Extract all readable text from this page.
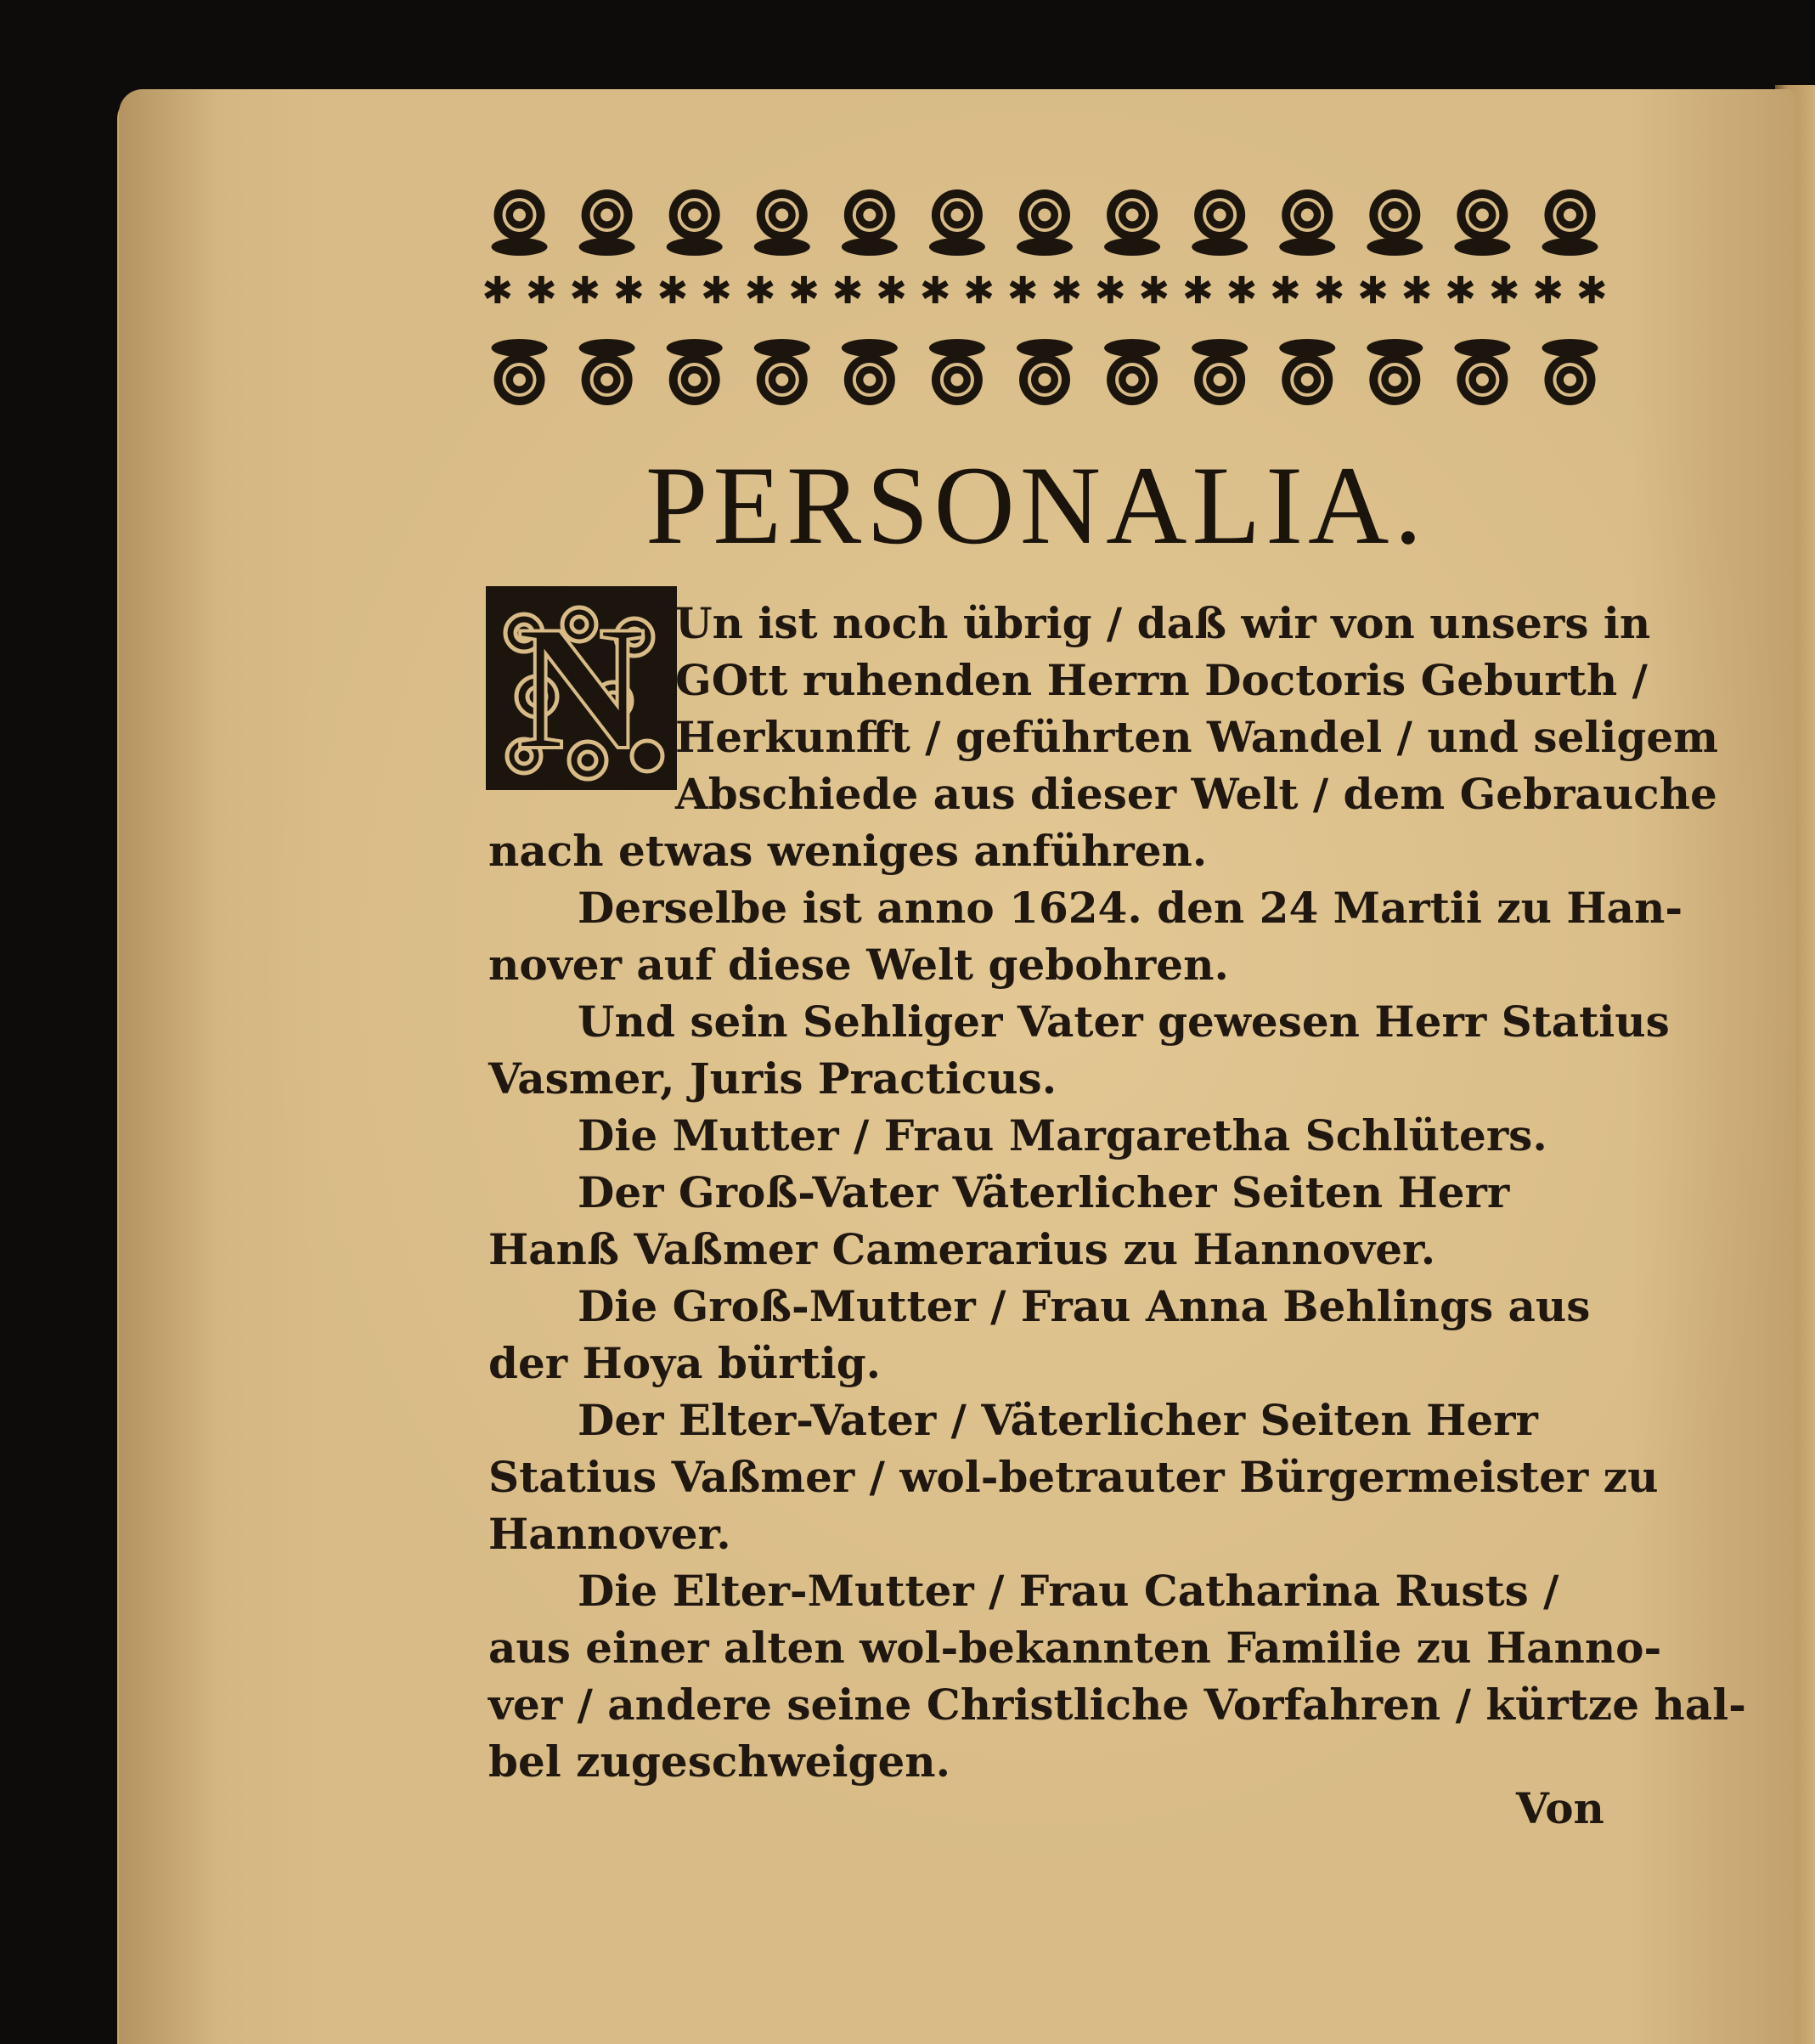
✱ ✱ ✱ ✱ ✱ ✱ ✱ ✱ ✱ ✱ ✱ ✱ ✱ ✱ ✱ ✱ ✱ ✱ ✱ ✱ ✱ ✱ ✱ ✱ ✱ ✱
PERSONALIA.
N Un ist noch übrig / daß wir von unsers in
GOtt ruhenden Herrn Doctoris Geburth /
Herkunfft / geführten Wandel / und seligem
Abschiede aus dieser Welt / dem Gebrauche
nach etwas weniges anführen.
Derselbe ist anno 1624. den 24 Martii zu Han-
nover auf diese Welt gebohren.
Und sein Sehliger Vater gewesen Herr Statius
Vasmer, Juris Practicus.
Die Mutter / Frau Margaretha Schlüters.
Der Groß-Vater Väterlicher Seiten Herr
Hanß Vaßmer Camerarius zu Hannover.
Die Groß-Mutter / Frau Anna Behlings aus
der Hoya bürtig.
Der Elter-Vater / Väterlicher Seiten Herr
Statius Vaßmer / wol-betrauter Bürgermeister zu
Hannover.
Die Elter-Mutter / Frau Catharina Rusts /
aus einer alten wol-bekannten Familie zu Hanno-
ver / andere seine Christliche Vorfahren / kürtze hal-
bel zugeschweigen.
Von
